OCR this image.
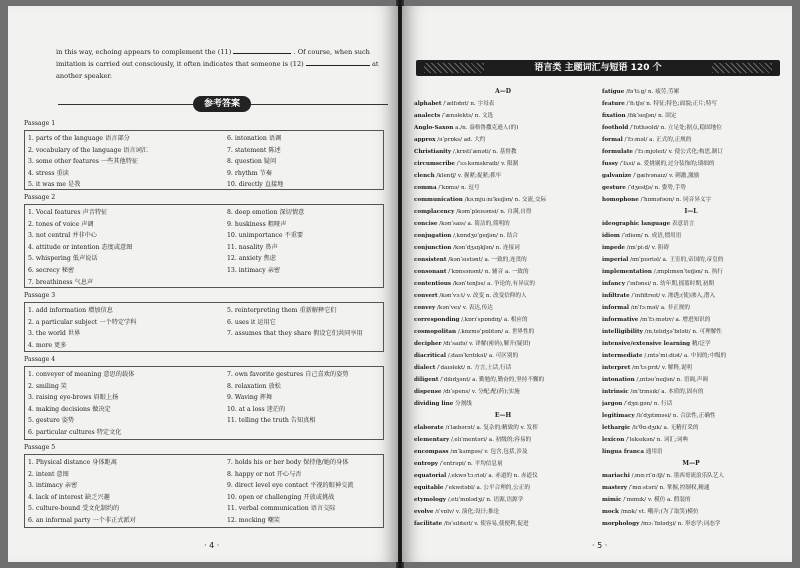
in this way, echoing appears to complement the (11)	. Of course, when such
imitation is carried out consciously, it often indicates that someone is (12)	at
another speaker.
参考答案
Passage 1
1. parts of the language 语言部分
2. vocabulary of the language 语言词汇
3. some other features 一些其他特征
4. stress 重读
5. it was me 是我
6. intonation 语调
7. statement 陈述
8. question 疑问
9. rhythm 节奏
10. directly 直接地
Passage 2
1. Vocal features 声音特征
2. tones of voice 声调
3. not central 并非中心
4. attitude or intention 态度或意图
5. whispering 低声说话
6. secrecy 秘密
7. breathiness 气息声
8. deep emotion 深切情意
9. huskiness 粗哑声
10. unimportance 不重要
11. nasality 鼻声
12. anxiety 焦虑
13. intimacy 亲密
Passage 3
1. add information 增加信息
2. a particular subject 一个特定学科
3. the world 世界
4. more 更多
5. reinterpreting them 重新解释它们
6. uses it 运用它
7. assumes that they share 假设它们共同享用
Passage 4
1. conveyer of meaning 意思的载体
2. smiling 笑
3. raising eye-brows 眉眼上扬
4. making decisions 做决定
5. gesture 姿势
6. particular cultures 特定文化
7. own favorite gestures 自己喜欢的姿势
8. relaxation 放松
9. Waving 挥舞
10. at a loss 迷茫的
11. telling the truth 告知真相
Passage 5
1. Physical distance 身体距离
2. intent 意图
3. intimacy 亲密
4. lack of interest 缺乏兴趣
5. culture-bound 受文化制约的
6. an informal party 一个非正式派对
7. holds his or her body 保持他/她的身体
8. happy or not 开心与否
9. direct level eye contact 平视的眼神交流
10. open or challenging 开放或挑战
11. verbal communication 语言交际
12. mocking 嘲笑
· 4 ·
语言类 主题词汇与短语 120 个
A—D
alphabet /ˈælfəbɪt/ n. 字母表
analects /ˈænəlekts/ n. 文选
Anglo-Saxon a./n. 盎格鲁撒克逊人(的)
approx /əˈprɒks/ ad. 大约
Christianity /ˌkrɪstiˈænəti/ n. 基督教
circumscribe /ˈsɜːkəmskraɪb/ v. 限制
clench /klentʃ/ v. 握紧;捉紧;抓牢
comma /ˈkɒmə/ n. 逗号
communication /kəˌmjuːnɪˈkeɪʃən/ n. 交流,交际
complacency /kəmˈpleɪsənsi/ n. 自满,自得
concise /kənˈsaɪs/ a. 简洁的,简明的
conjugation /ˌkɒndʒʊˈgeɪʃən/ n. 结合
conjunction /kənˈdʒʌŋkʃən/ n. 连接词
consistent /kənˈsɪstənt/ a. 一致的,连贯的
consonant /ˈkɒnsənənt/ n. 辅音 a. 一致的
contentious /kənˈtenʃəs/ a. 争论的,有异议的
convert /kənˈvɜːt/ v. 改变 n. 改变信仰的人
convey /kənˈveɪ/ v. 表达,传达
corresponding /ˌkɒrɪˈspɒndɪŋ/ a. 相应的
cosmopolitan /ˌkɒzməˈpɒlɪtən/ a. 世界性的
decipher /dɪˈsaɪfə/ v. 译解(密码),解开(疑团)
diacritical /ˌdaɪəˈkrɪtɪkəl/ a. 可区别的
dialect /ˈdaɪəlekt/ n. 方言,土话,行话
diligent /ˈdɪlɪdʒənt/ a. 勤勉的,勤奋的,坚持不懈的
dispense /dɪˈspens/ v. 分配;配(药);实施
dividing line 分割线
E—H
elaborate /ɪˈlæbərət/ a. 复杂的;精致的 v. 发挥
elementary /ˌelɪˈmentəri/ a. 初级的;容易的
encompass /ɪnˈkʌmpəs/ v. 包含,包括,涉及
entropy /ˈentrəpi/ n. 平均信息量
equatorial /ˌekwəˈtɔːriəl/ a. 赤道的 n. 赤道仪
equitable /ˈekwɪtəbl/ a. 公平合理的,公正的
etymology /ˌetɪˈmɒlədʒi/ n. 语源,语源学
evolve /ɪˈvɒlv/ v. 演化;设计;推论
facilitate /fəˈsɪlɪteɪt/ v. 使容易,使便利,促进
fatigue /fəˈtiːg/ n. 疲劳,劳累
feature /ˈfiːtʃə/ n. 特征;特色;面貌;正片;特写
fixation /fɪkˈseɪʃən/ n. 固定
foothold /ˈfʊthəʊld/ n. 立足处;据点,稳固地位
formal /ˈfɔːməl/ a. 正式的,正规的
formulate /ˈfɔːmjʊleɪt/ v. 使公式化;构思,制订
fussy /ˈfʌsi/ a. 爱挑剔的,过分装饰的;琐细的
galvanize /ˈgælvənaɪz/ v. 刺激,激励
gesture /ˈdʒestʃə/ n. 姿势,手势
homophone /ˈhɒməfəʊn/ n. 同音异义字
I—L
ideographic language 表意语言
idiom /ˈɪdiəm/ n. 成语,惯用语
impede /ɪmˈpiːd/ v. 阻碍
imperial /ɪmˈpɪəriəl/ a. 王室的,帝国的,帝皇的
implementation /ˌɪmplɪmenˈteɪʃən/ n. 执行
infancy /ˈɪnfənsi/ n. 幼年期,摇篮时期,初期
infiltrate /ˈɪnfɪltreɪt/ v. 渗透;(使)渗入,潜入
informal /ɪnˈfɔːməl/ a. 非正规的
informative /ɪnˈfɔːmətɪv/ a. 增进知识的
intelligibility /ɪnˌtelɪdʒəˈbɪləti/ n. 可理解性
intensive/extensive learning 精/泛学
intermediate /ˌɪntəˈmiːdiət/ a. 中间的;中级的
interpret /ɪnˈtɜːprɪt/ v. 解释,说明
intonation /ˌɪntəʊˈneɪʃən/ n. 语调,声调
intrinsic /ɪnˈtrɪnsɪk/ a. 本质的,固有的
jargon /ˈdʒɑːgən/ n. 行话
legitimacy /lɪˈdʒɪtɪməsi/ n. 合法性,正确性
lethargic /lɪˈθɑːdʒɪk/ a. 无精打采的
lexicon /ˈleksɪkən/ n. 词汇;词典
lingua franca 通用语
M—P
mariachi /ˌmɑːriˈɑːtʃi/ n. 墨西哥流浪乐队艺人
mastery /ˈmɑːstəri/ n. 掌握,控制权,精通
mimic /ˈmɪmɪk/ v. 模仿 a. 假装的
mock /mɒk/ vt. 嘲弄;(为了取笑)模仿
morphology /mɔːˈfɒlədʒi/ n. 形态学;词态学
· 5 ·
